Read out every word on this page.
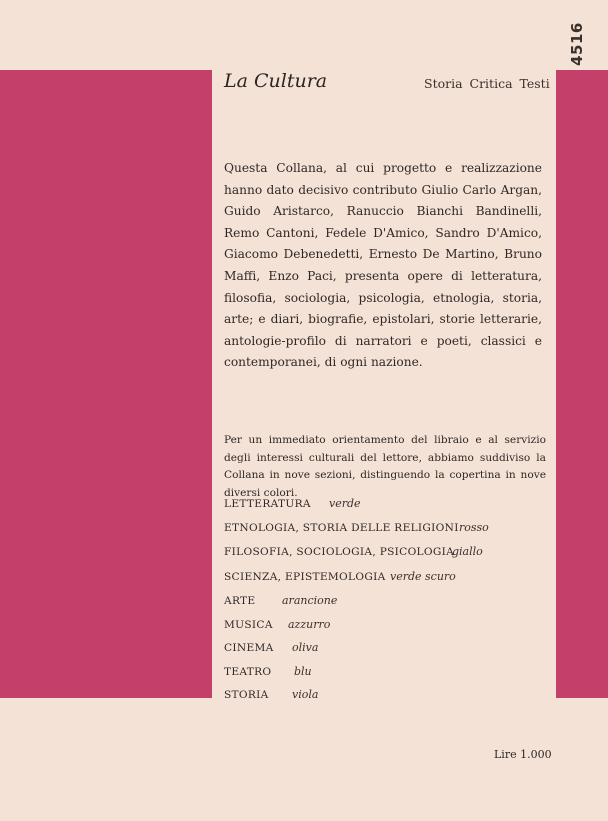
4516
La Cultura	Storia Critica Testi

Questa Collana, al cui progetto e realizzazione hanno dato decisivo contributo Giulio Carlo Argan, Guido Aristarco, Ranuccio Bianchi Bandinelli, Remo Cantoni, Fedele D'Amico, Sandro D'Amico, Giacomo Debenedetti, Ernesto De Martino, Bruno Maffi, Enzo Paci, presenta opere di letteratura, filosofia, sociologia, psicologia, etnologia, storia, arte; e diari, biografie, epistolari, storie letterarie, antologie-profilo di narratori e poeti, classici e contemporanei, di ogni nazione.

Per un immediato orientamento del libraio e al servizio degli interessi culturali del lettore, abbiamo suddiviso la Collana in nove sezioni, distinguendo la copertina in nove diversi colori.

LETTERATURA verde
ETNOLOGIA, STORIA DELLE RELIGIONI rosso
FILOSOFIA, SOCIOLOGIA, PSICOLOGIA
giallo
SCIENZA, EPISTEMOLOGIA verde scuro
ARTE arancione
MUSICA azzurro
CINEMA oliva
TEATRO blu
STORIA viola
Lire 1.000
